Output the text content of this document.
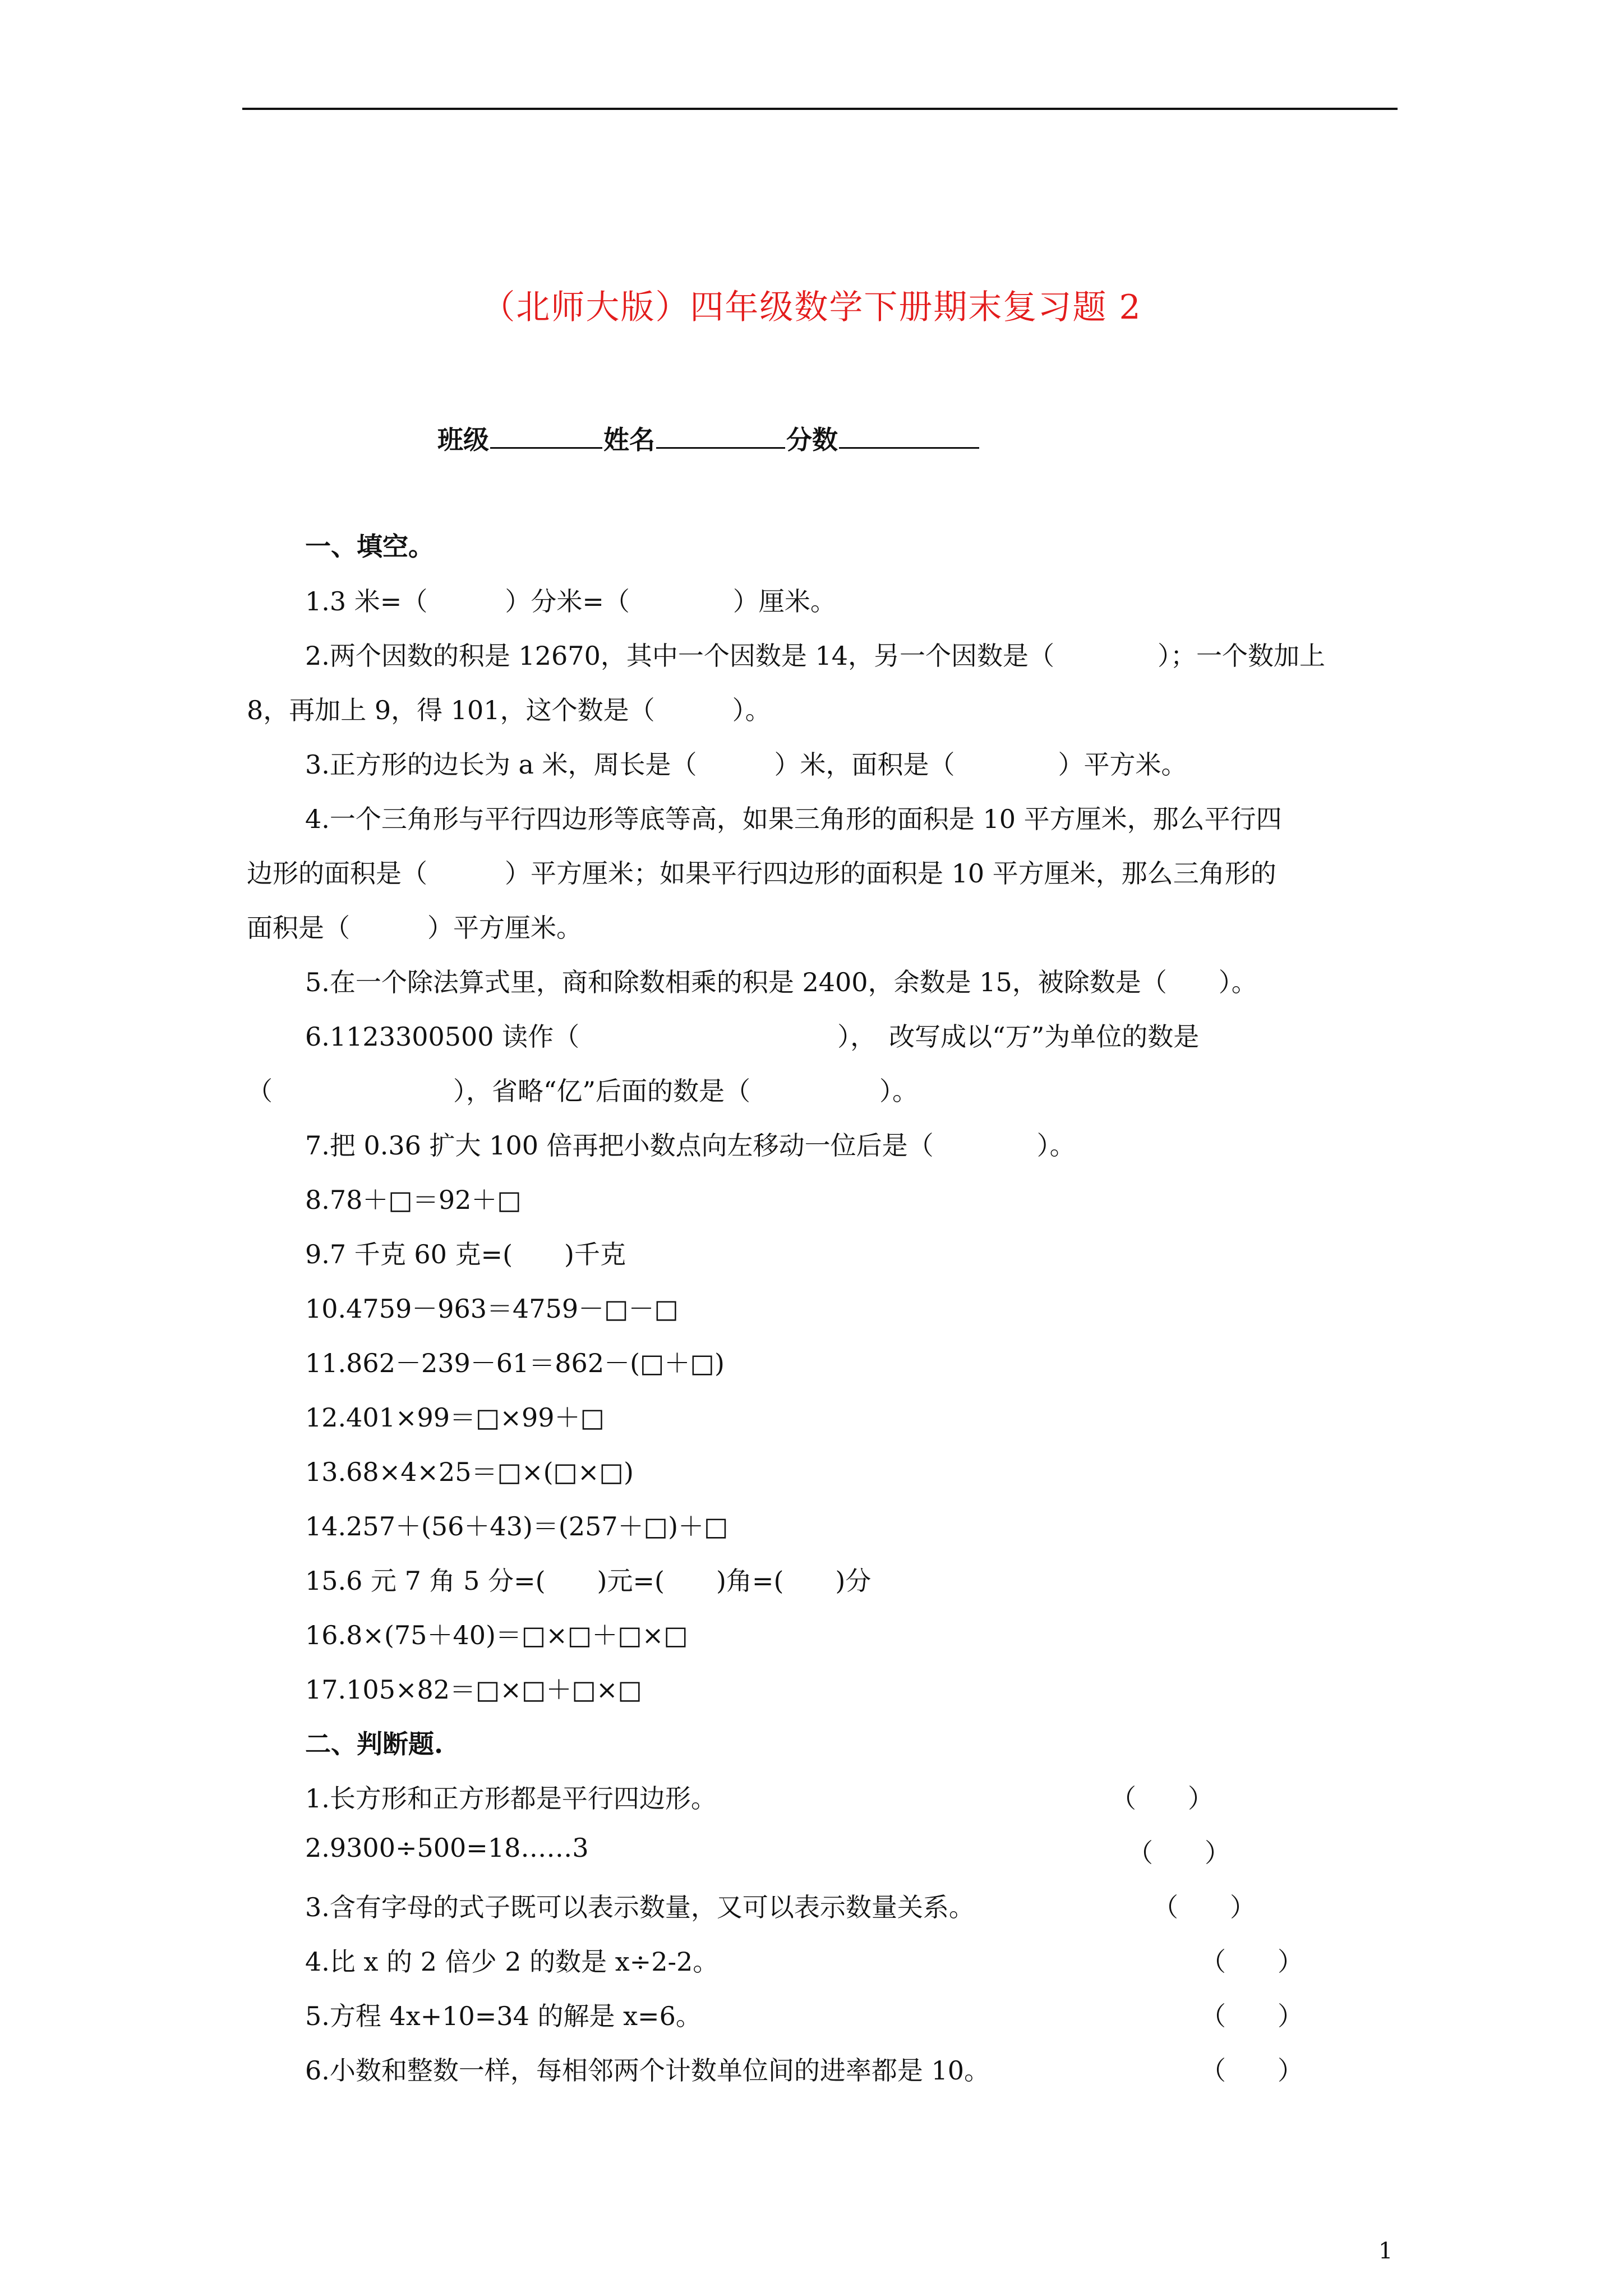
（北师大版）四年级数学下册期末复习题 2
班级	姓名	分数
一、填空。
1.3 米=（　　　）分米=（　　　　）厘米。
2.两个因数的积是 12670，其中一个因数是 14，另一个因数是（　　　　）；一个数加上
8，再加上 9，得 101，这个数是（　　　）。
3.正方形的边长为 a 米，周长是（　　　）米，面积是（　　　　）平方米。
4.一个三角形与平行四边形等底等高，如果三角形的面积是 10 平方厘米，那么平行四
边形的面积是（　　　）平方厘米；如果平行四边形的面积是 10 平方厘米，那么三角形的
面积是（　　　）平方厘米。
5.在一个除法算式里，商和除数相乘的积是 2400，余数是 15，被除数是（　　）。
6.1123300500 读作（　　　　　　　　　　），　改写成以“万”为单位的数是
（　　　　　　　），省略“亿”后面的数是（　　　　　）。
7.把 0.36 扩大 100 倍再把小数点向左移动一位后是（　　　　）。
8.78＋□＝92＋□
9.7 千克 60 克=(　　)千克
10.4759－963＝4759－□－□
11.862－239－61＝862－(□＋□)
12.401×99＝□×99＋□
13.68×4×25＝□×(□×□)
14.257＋(56＋43)＝(257＋□)＋□
15.6 元 7 角 5 分=(　　)元=(　　)角=(　　)分
16.8×(75＋40)＝□×□＋□×□
17.105×82＝□×□＋□×□
二、判断题.
1.长方形和正方形都是平行四边形。	（　　）
2.9300÷500=18……3	（　　）
3.含有字母的式子既可以表示数量，又可以表示数量关系。	（　　）
4.比 x 的 2 倍少 2 的数是 x÷2-2。	（　　）
5.方程 4x+10=34 的解是 x=6。	（　　）
6.小数和整数一样，每相邻两个计数单位间的进率都是 10。	（　　）
1
